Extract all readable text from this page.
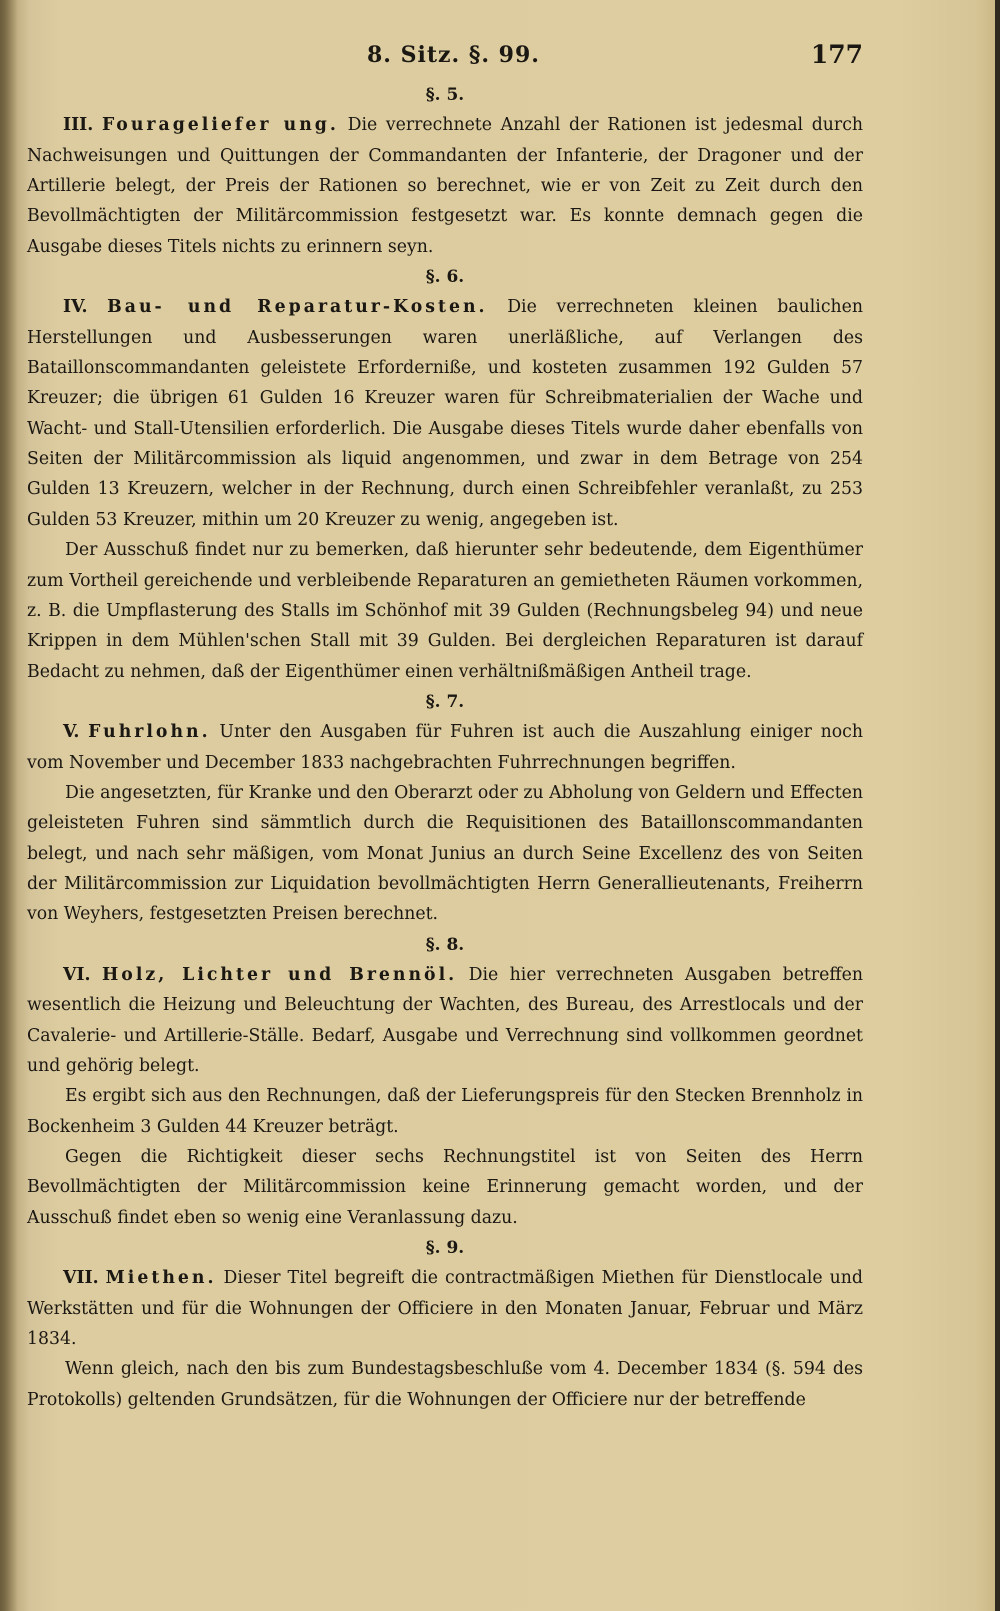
8. Sitz. §. 99.	177
§. 5.

III. Fourageliefer ung. Die verrechnete Anzahl der Rationen ist jedesmal durch Nachweisungen und Quittungen der Commandanten der Infanterie, der Dragoner und der Artillerie belegt, der Preis der Rationen so berechnet, wie er von Zeit zu Zeit durch den Bevollmächtigten der Militärcommission festgesetzt war. Es konnte demnach gegen die Ausgabe dieses Titels nichts zu erinnern seyn.

§. 6.

IV. Bau- und Reparatur-Kosten. Die verrechneten kleinen baulichen Herstellungen und Ausbesserungen waren unerläßliche, auf Verlangen des Bataillonscommandanten geleistete Erforderniße, und kosteten zusammen 192 Gulden 57 Kreuzer; die übrigen 61 Gulden 16 Kreuzer waren für Schreibmaterialien der Wache und Wacht- und Stall-Utensilien erforderlich. Die Ausgabe dieses Titels wurde daher ebenfalls von Seiten der Militärcommission als liquid angenommen, und zwar in dem Betrage von 254 Gulden 13 Kreuzern, welcher in der Rechnung, durch einen Schreibfehler veranlaßt, zu 253 Gulden 53 Kreuzer, mithin um 20 Kreuzer zu wenig, angegeben ist.

Der Ausschuß findet nur zu bemerken, daß hierunter sehr bedeutende, dem Eigenthümer zum Vortheil gereichende und verbleibende Reparaturen an gemietheten Räumen vorkommen, z. B. die Umpflasterung des Stalls im Schönhof mit 39 Gulden (Rechnungsbeleg 94) und neue Krippen in dem Mühlen'schen Stall mit 39 Gulden. Bei dergleichen Reparaturen ist darauf Bedacht zu nehmen, daß der Eigenthümer einen verhältnißmäßigen Antheil trage.

§. 7.

V. Fuhrlohn. Unter den Ausgaben für Fuhren ist auch die Auszahlung einiger noch vom November und December 1833 nachgebrachten Fuhrrechnungen begriffen.

Die angesetzten, für Kranke und den Oberarzt oder zu Abholung von Geldern und Effecten geleisteten Fuhren sind sämmtlich durch die Requisitionen des Bataillonscommandanten belegt, und nach sehr mäßigen, vom Monat Junius an durch Seine Excellenz des von Seiten der Militärcommission zur Liquidation bevollmächtigten Herrn Generallieutenants, Freiherrn von Weyhers, festgesetzten Preisen berechnet.

§. 8.

VI. Holz, Lichter und Brennöl. Die hier verrechneten Ausgaben betreffen wesentlich die Heizung und Beleuchtung der Wachten, des Bureau, des Arrestlocals und der Cavalerie- und Artillerie-Ställe. Bedarf, Ausgabe und Verrechnung sind vollkommen geordnet und gehörig belegt.

Es ergibt sich aus den Rechnungen, daß der Lieferungspreis für den Stecken Brennholz in Bockenheim 3 Gulden 44 Kreuzer beträgt.

Gegen die Richtigkeit dieser sechs Rechnungstitel ist von Seiten des Herrn Bevollmächtigten der Militärcommission keine Erinnerung gemacht worden, und der Ausschuß findet eben so wenig eine Veranlassung dazu.

§. 9.

VII. Miethen. Dieser Titel begreift die contractmäßigen Miethen für Dienstlocale und Werkstätten und für die Wohnungen der Officiere in den Monaten Januar, Februar und März 1834.

Wenn gleich, nach den bis zum Bundestagsbeschluße vom 4. December 1834 (§. 594 des Protokolls) geltenden Grundsätzen, für die Wohnungen der Officiere nur der betreffende
